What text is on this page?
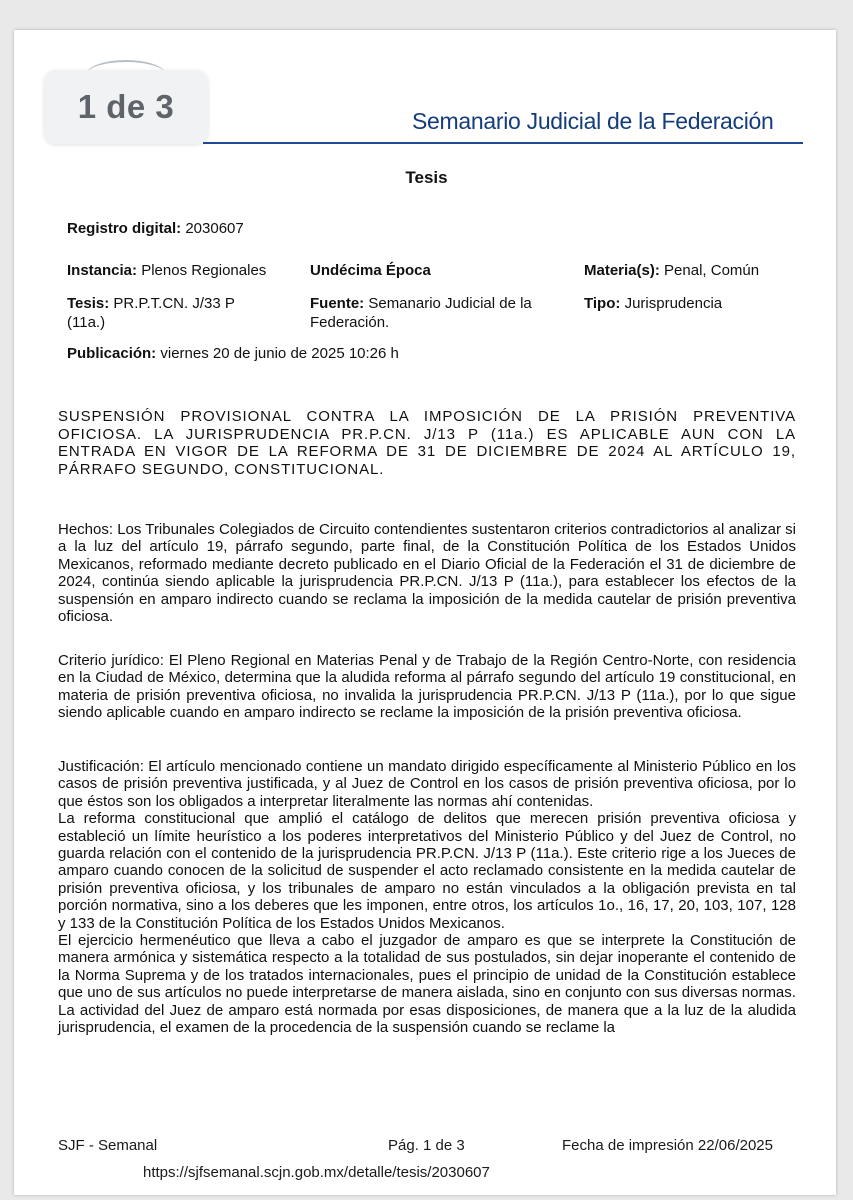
1 de 3	Semanario Judicial de la Federación
Tesis
Registro digital: 2030607
Instancia: Plenos Regionales	Undécima Época	Materia(s): Penal, Común
Tesis: PR.P.T.CN. J/33 P
(11a.)
Fuente: Semanario Judicial de la
Federación.
Tipo: Jurisprudencia
Publicación: viernes 20 de junio de 2025 10:26 h
SUSPENSIÓN PROVISIONAL CONTRA LA IMPOSICIÓN DE LA PRISIÓN PREVENTIVA OFICIOSA. LA JURISPRUDENCIA PR.P.CN. J/13 P (11a.) ES APLICABLE AUN CON LA ENTRADA EN VIGOR DE LA REFORMA DE 31 DE DICIEMBRE DE 2024 AL ARTÍCULO 19, PÁRRAFO SEGUNDO, CONSTITUCIONAL.
Hechos: Los Tribunales Colegiados de Circuito contendientes sustentaron criterios contradictorios al analizar si a la luz del artículo 19, párrafo segundo, parte final, de la Constitución Política de los Estados Unidos Mexicanos, reformado mediante decreto publicado en el Diario Oficial de la Federación el 31 de diciembre de 2024, continúa siendo aplicable la jurisprudencia PR.P.CN. J/13 P (11a.), para establecer los efectos de la suspensión en amparo indirecto cuando se reclama la imposición de la medida cautelar de prisión preventiva oficiosa.
Criterio jurídico: El Pleno Regional en Materias Penal y de Trabajo de la Región Centro-Norte, con residencia en la Ciudad de México, determina que la aludida reforma al párrafo segundo del artículo 19 constitucional, en materia de prisión preventiva oficiosa, no invalida la jurisprudencia PR.P.CN. J/13 P (11a.), por lo que sigue siendo aplicable cuando en amparo indirecto se reclame la imposición de la prisión preventiva oficiosa.

Justificación: El artículo mencionado contiene un mandato dirigido específicamente al Ministerio Público en los casos de prisión preventiva justificada, y al Juez de Control en los casos de prisión preventiva oficiosa, por lo que éstos son los obligados a interpretar literalmente las normas ahí contenidas.

La reforma constitucional que amplió el catálogo de delitos que merecen prisión preventiva oficiosa y estableció un límite heurístico a los poderes interpretativos del Ministerio Público y del Juez de Control, no guarda relación con el contenido de la jurisprudencia PR.P.CN. J/13 P (11a.). Este criterio rige a los Jueces de amparo cuando conocen de la solicitud de suspender el acto reclamado consistente en la medida cautelar de prisión preventiva oficiosa, y los tribunales de amparo no están vinculados a la obligación prevista en tal porción normativa, sino a los deberes que les imponen, entre otros, los artículos 1o., 16, 17, 20, 103, 107, 128 y 133 de la Constitución Política de los Estados Unidos Mexicanos.

El ejercicio hermenéutico que lleva a cabo el juzgador de amparo es que se interprete la Constitución de manera armónica y sistemática respecto a la totalidad de sus postulados, sin dejar inoperante el contenido de la Norma Suprema y de los tratados internacionales, pues el principio de unidad de la Constitución establece que uno de sus artículos no puede interpretarse de manera aislada, sino en conjunto con sus diversas normas.

La actividad del Juez de amparo está normada por esas disposiciones, de manera que a la luz de la aludida jurisprudencia, el examen de la procedencia de la suspensión cuando se reclame la

SJF - Semanal	Pág. 1 de 3	Fecha de impresión 22/06/2025
https://sjfsemanal.scjn.gob.mx/detalle/tesis/2030607
